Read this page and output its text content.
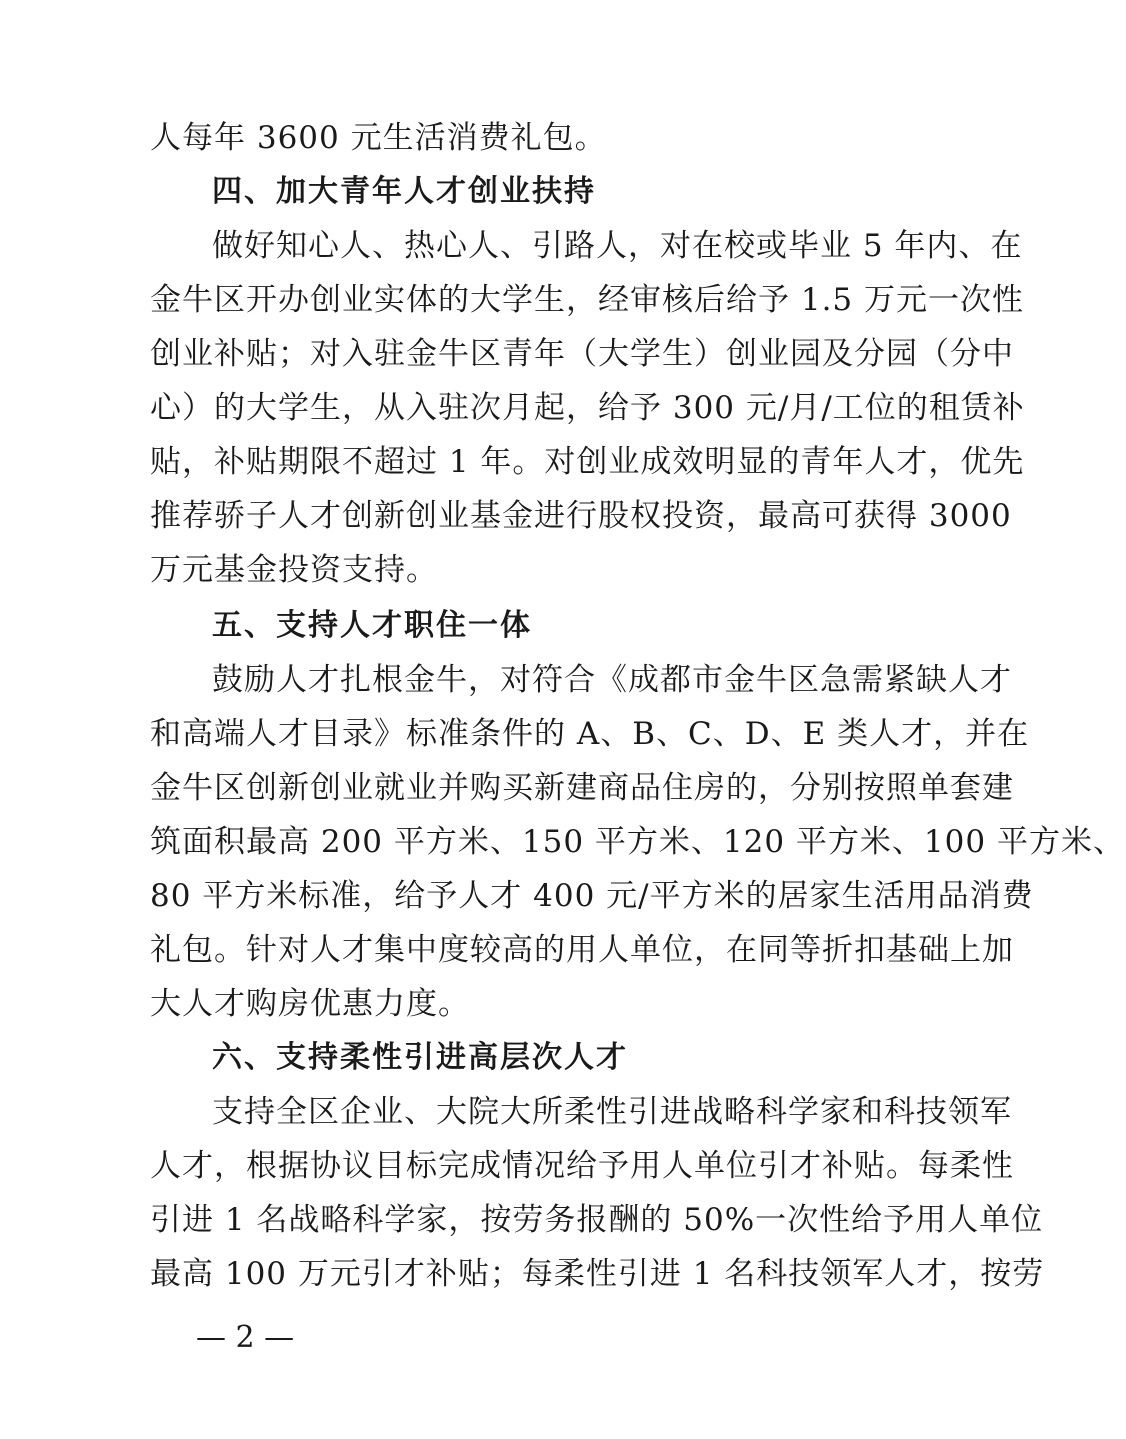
人每年 3600 元生活消费礼包。
四、加大青年人才创业扶持
做好知心人、热心人、引路人，对在校或毕业 5 年内、在
金牛区开办创业实体的大学生，经审核后给予 1.5 万元一次性
创业补贴；对入驻金牛区青年（大学生）创业园及分园（分中
心）的大学生，从入驻次月起，给予 300 元/月/工位的租赁补
贴，补贴期限不超过 1 年。对创业成效明显的青年人才，优先
推荐骄子人才创新创业基金进行股权投资，最高可获得 3000
万元基金投资支持。
五、支持人才职住一体
鼓励人才扎根金牛，对符合《成都市金牛区急需紧缺人才
和高端人才目录》标准条件的 A、B、C、D、E 类人才，并在
金牛区创新创业就业并购买新建商品住房的，分别按照单套建
筑面积最高 200 平方米、150 平方米、120 平方米、100 平方米、
80 平方米标准，给予人才 400 元/平方米的居家生活用品消费
礼包。针对人才集中度较高的用人单位，在同等折扣基础上加
大人才购房优惠力度。
六、支持柔性引进高层次人才
支持全区企业、大院大所柔性引进战略科学家和科技领军
人才，根据协议目标完成情况给予用人单位引才补贴。每柔性
引进 1 名战略科学家，按劳务报酬的 50%一次性给予用人单位
最高 100 万元引才补贴；每柔性引进 1 名科技领军人才，按劳
— 2 —
